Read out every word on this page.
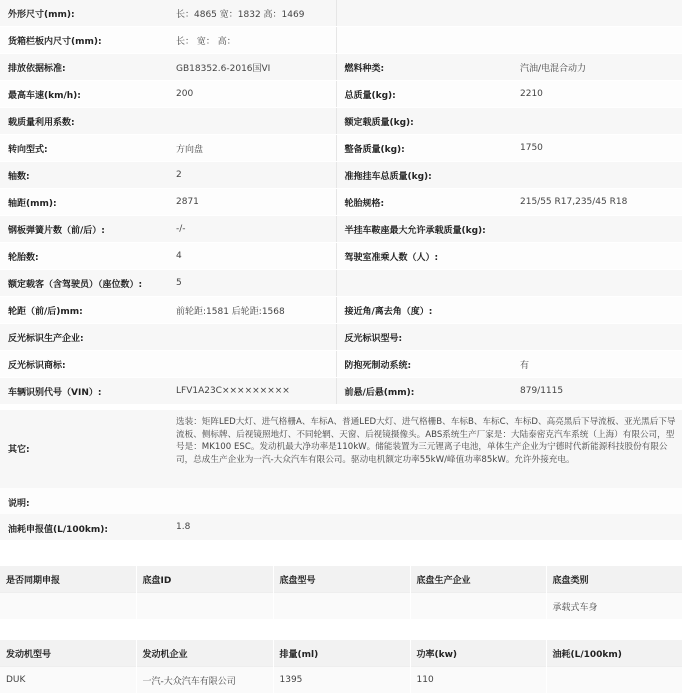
外形尺寸(mm):	长：4865 宽：1832 高：1469		
货箱栏板内尺寸(mm):	长： 宽： 高：		
排放依据标准:	GB18352.6-2016国VI	燃料种类:	汽油/电混合动力
最高车速(km/h):	200	总质量(kg):	2210
载质量利用系数:		额定载质量(kg):	
转向型式:	方向盘	整备质量(kg):	1750
轴数:	2	准拖挂车总质量(kg):	
轴距(mm):	2871	轮胎规格:	215/55 R17,235/45 R18
钢板弹簧片数（前/后）:	-/-	半挂车鞍座最大允许承载质量(kg):	
轮胎数:	4	驾驶室准乘人数（人）:	
额定载客（含驾驶员）（座位数）:	5		
轮距（前/后)mm:	前轮距:1581 后轮距:1568	接近角/离去角（度）:	
反光标识生产企业:		反光标识型号:	
反光标识商标:		防抱死制动系统:	有
车辆识别代号（VIN）:	LFV1A23C×××××××××	前悬/后悬(mm):	879/1115
其它:
选装：矩阵LED大灯、进气格栅A、车标A、普通LED大灯、进气格栅B、车标B、车标C、车标D、高亮黑后下导流板、亚光黑后下导流板、侧标牌、后视镜照地灯、不同轮辋、天窗、后视镜摄像头。ABS系统生产厂家是：大陆泰密克汽车系统（上海）有限公司，型号是：MK100 ESC。发动机最大净功率是110kW。储能装置为三元锂离子电池，单体生产企业为宁德时代新能源科技股份有限公司，总成生产企业为一汽-大众汽车有限公司。驱动电机额定功率55kW/峰值功率85kW。允许外接充电。
说明:
油耗申报值(L/100km):	1.8
是否同期申报	底盘ID	底盘型号	底盘生产企业	底盘类别
				承载式车身
发动机型号	发动机企业	排量(ml)	功率(kw)	油耗(L/100km)
DUK	一汽-大众汽车有限公司	1395	110	
